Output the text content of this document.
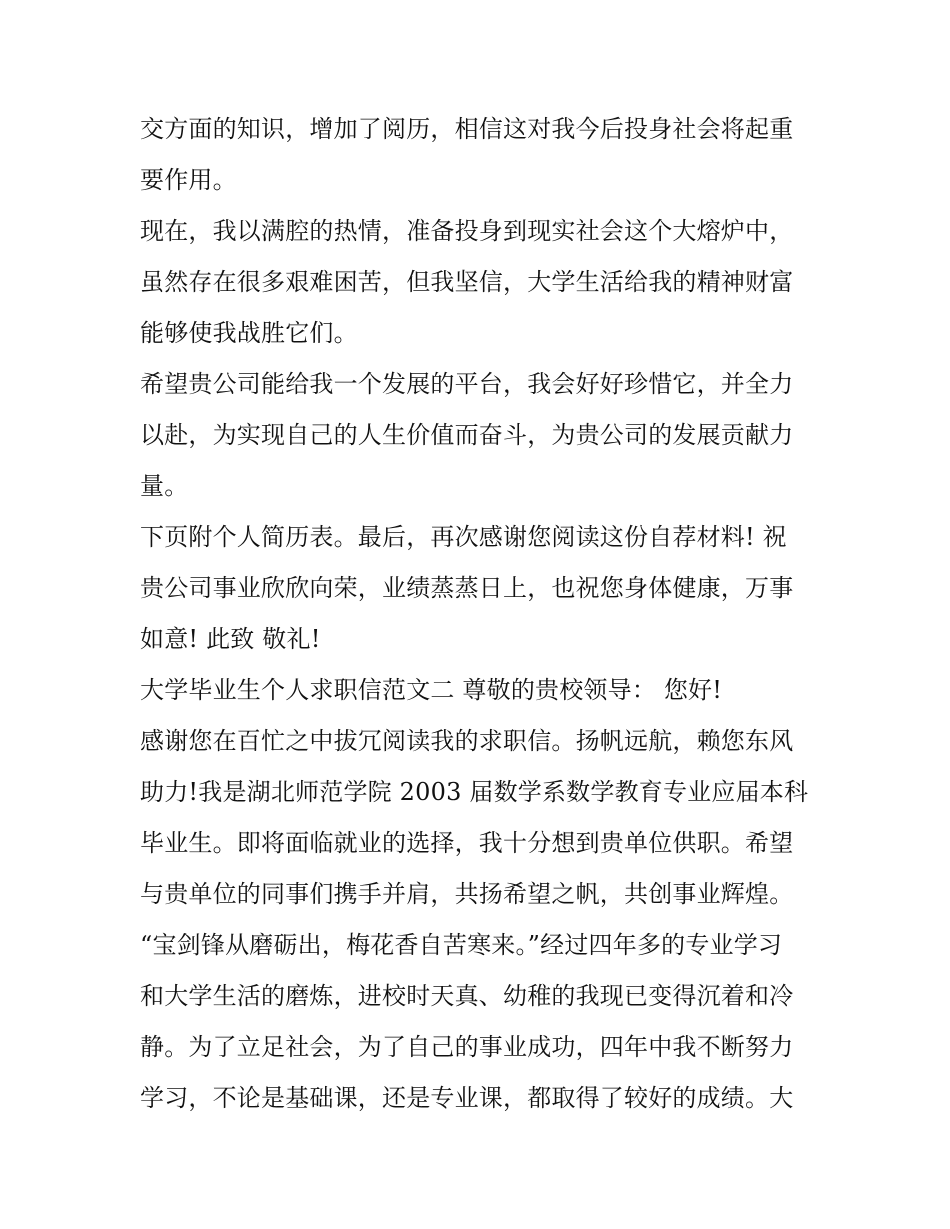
交方面的知识，增加了阅历，相信这对我今后投身社会将起重
要作用。
现在，我以满腔的热情，准备投身到现实社会这个大熔炉中，
虽然存在很多艰难困苦，但我坚信，大学生活给我的精神财富
能够使我战胜它们。
希望贵公司能给我一个发展的平台，我会好好珍惜它，并全力
以赴，为实现自己的人生价值而奋斗，为贵公司的发展贡献力
量。
下页附个人简历表。最后，再次感谢您阅读这份自荐材料! 祝
贵公司事业欣欣向荣，业绩蒸蒸日上，也祝您身体健康，万事
如意! 此致 敬礼!
大学毕业生个人求职信范文二 尊敬的贵校领导： 您好!
感谢您在百忙之中拔冗阅读我的求职信。扬帆远航，赖您东风
助力!我是湖北师范学院 2003 届数学系数学教育专业应届本科
毕业生。即将面临就业的选择，我十分想到贵单位供职。希望
与贵单位的同事们携手并肩，共扬希望之帆，共创事业辉煌。
“宝剑锋从磨砺出，梅花香自苦寒来。”经过四年多的专业学习
和大学生活的磨炼，进校时天真、幼稚的我现已变得沉着和冷
静。为了立足社会，为了自己的事业成功，四年中我不断努力
学习，不论是基础课，还是专业课，都取得了较好的成绩。大
